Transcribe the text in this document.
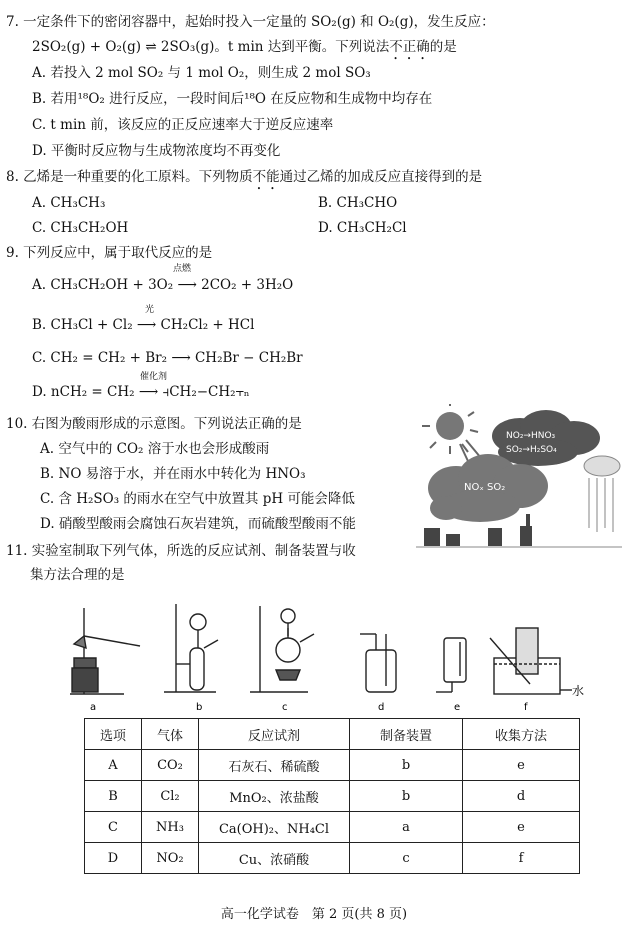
7. 一定条件下的密闭容器中，起始时投入一定量的 SO₂(g) 和 O₂(g)，发生反应：
2SO₂(g) + O₂(g) ⇌ 2SO₃(g)。t min 达到平衡。下列说法不正确的是
A. 若投入 2 mol SO₂ 与 1 mol O₂，则生成 2 mol SO₃
B. 若用¹⁸O₂ 进行反应，一段时间后¹⁸O 在反应物和生成物中均存在
C. t min 前，该反应的正反应速率大于逆反应速率
D. 平衡时反应物与生成物浓度均不再变化
8. 乙烯是一种重要的化工原料。下列物质不能通过乙烯的加成反应直接得到的是
A. CH₃CH₃	B. CH₃CHO
C. CH₃CH₂OH	D. CH₃CH₂Cl
9. 下列反应中，属于取代反应的是
A. CH₃CH₂OH + 3O₂ ⟶ 2CO₂ + 3H₂O
点燃
B. CH₃Cl + Cl₂ ⟶ CH₂Cl₂ + HCl
光
C. CH₂ = CH₂ + Br₂ ⟶ CH₂Br − CH₂Br
D. nCH₂ = CH₂ ⟶ ⫞CH₂−CH₂⫟ₙ
催化剂
10. 右图为酸雨形成的示意图。下列说法正确的是
A. 空气中的 CO₂ 溶于水也会形成酸雨
B. NO 易溶于水，并在雨水中转化为 HNO₃
C. 含 H₂SO₃ 的雨水在空气中放置其 pH 可能会降低
D. 硝酸型酸雨会腐蚀石灰岩建筑，而硫酸型酸雨不能
NO₂→HNO₃
SO₂→H₂SO₄
NOₓ SO₂
11. 实验室制取下列气体，所选的反应试剂、制备装置与收
集方法合理的是
a	b	c	d	e	f
水
选项	气体	反应试剂	制备装置	收集方法
A	CO₂	石灰石、稀硫酸	b	e
B	Cl₂	MnO₂、浓盐酸	b	d
C	NH₃	Ca(OH)₂、NH₄Cl	a	e
D	NO₂	Cu、浓硝酸	c	f
高一化学试卷　第 2 页(共 8 页)
